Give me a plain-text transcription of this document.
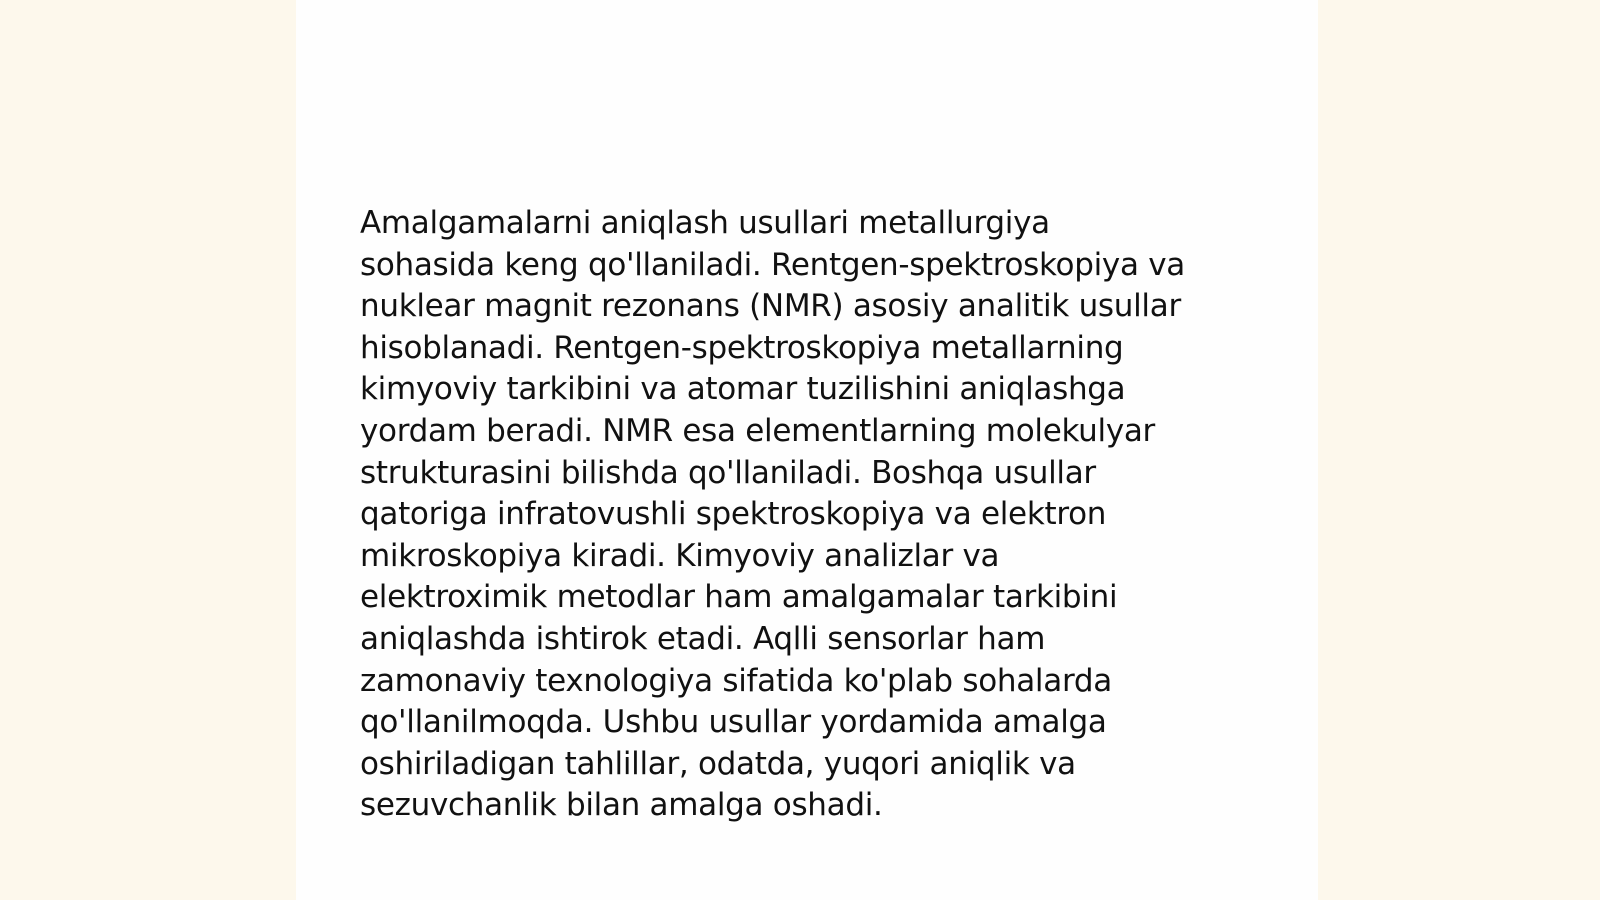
Amalgamalarni aniqlash usullari metallurgiya
sohasida keng qo'llaniladi. Rentgen-spektroskopiya va
nuklear magnit rezonans (NMR) asosiy analitik usullar
hisoblanadi. Rentgen-spektroskopiya metallarning
kimyoviy tarkibini va atomar tuzilishini aniqlashga
yordam beradi. NMR esa elementlarning molekulyar
strukturasini bilishda qo'llaniladi. Boshqa usullar
qatoriga infratovushli spektroskopiya va elektron
mikroskopiya kiradi. Kimyoviy analizlar va
elektroximik metodlar ham amalgamalar tarkibini
aniqlashda ishtirok etadi. Aqlli sensorlar ham
zamonaviy texnologiya sifatida ko'plab sohalarda
qo'llanilmoqda. Ushbu usullar yordamida amalga
oshiriladigan tahlillar, odatda, yuqori aniqlik va
sezuvchanlik bilan amalga oshadi.
